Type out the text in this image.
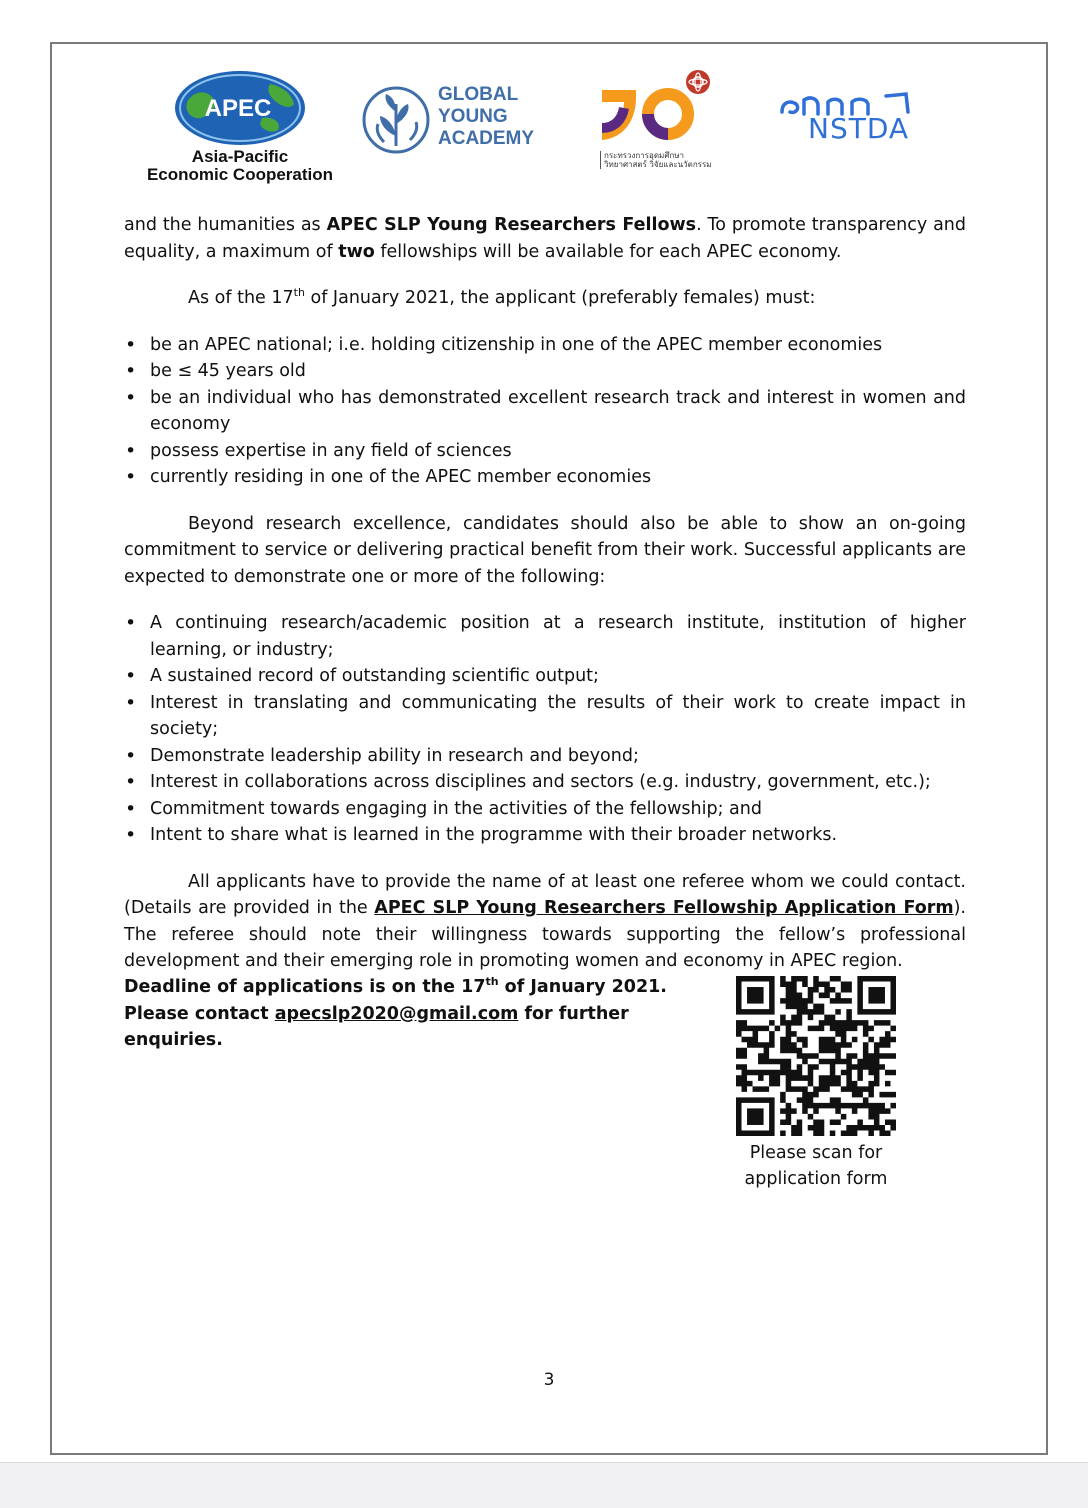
APEC
Asia-Pacific
Economic Cooperation
GLOBAL
YOUNG
ACADEMY
กระทรวงการอุดมศึกษา
วิทยาศาสตร์ วิจัยและนวัตกรรม
NSTDA

and the humanities as APEC SLP Young Researchers Fellows. To promote transparency and equality, a maximum of two fellowships will be available for each APEC economy.

As of the 17th of January 2021, the applicant (preferably females) must:

• be an APEC national; i.e. holding citizenship in one of the APEC member economies
• be ≤ 45 years old
• be an individual who has demonstrated excellent research track and interest in women and economy
• possess expertise in any field of sciences
• currently residing in one of the APEC member economies

Beyond research excellence, candidates should also be able to show an on-going commitment to service or delivering practical benefit from their work. Successful applicants are expected to demonstrate one or more of the following:

• A continuing research/academic position at a research institute, institution of higher learning, or industry;
• A sustained record of outstanding scientific output;
• Interest in translating and communicating the results of their work to create impact in society;
• Demonstrate leadership ability in research and beyond;
• Interest in collaborations across disciplines and sectors (e.g. industry, government, etc.);
• Commitment towards engaging in the activities of the fellowship; and
• Intent to share what is learned in the programme with their broader networks.

All applicants have to provide the name of at least one referee whom we could contact. (Details are provided in the APEC SLP Young Researchers Fellowship Application Form). The referee should note their willingness towards supporting the fellow’s professional development and their emerging role in promoting women and economy in APEC region.

Deadline of applications is on the 17th of January 2021.
Please contact apecslp2020@gmail.com for further enquiries.
Please scan for
application form
3
